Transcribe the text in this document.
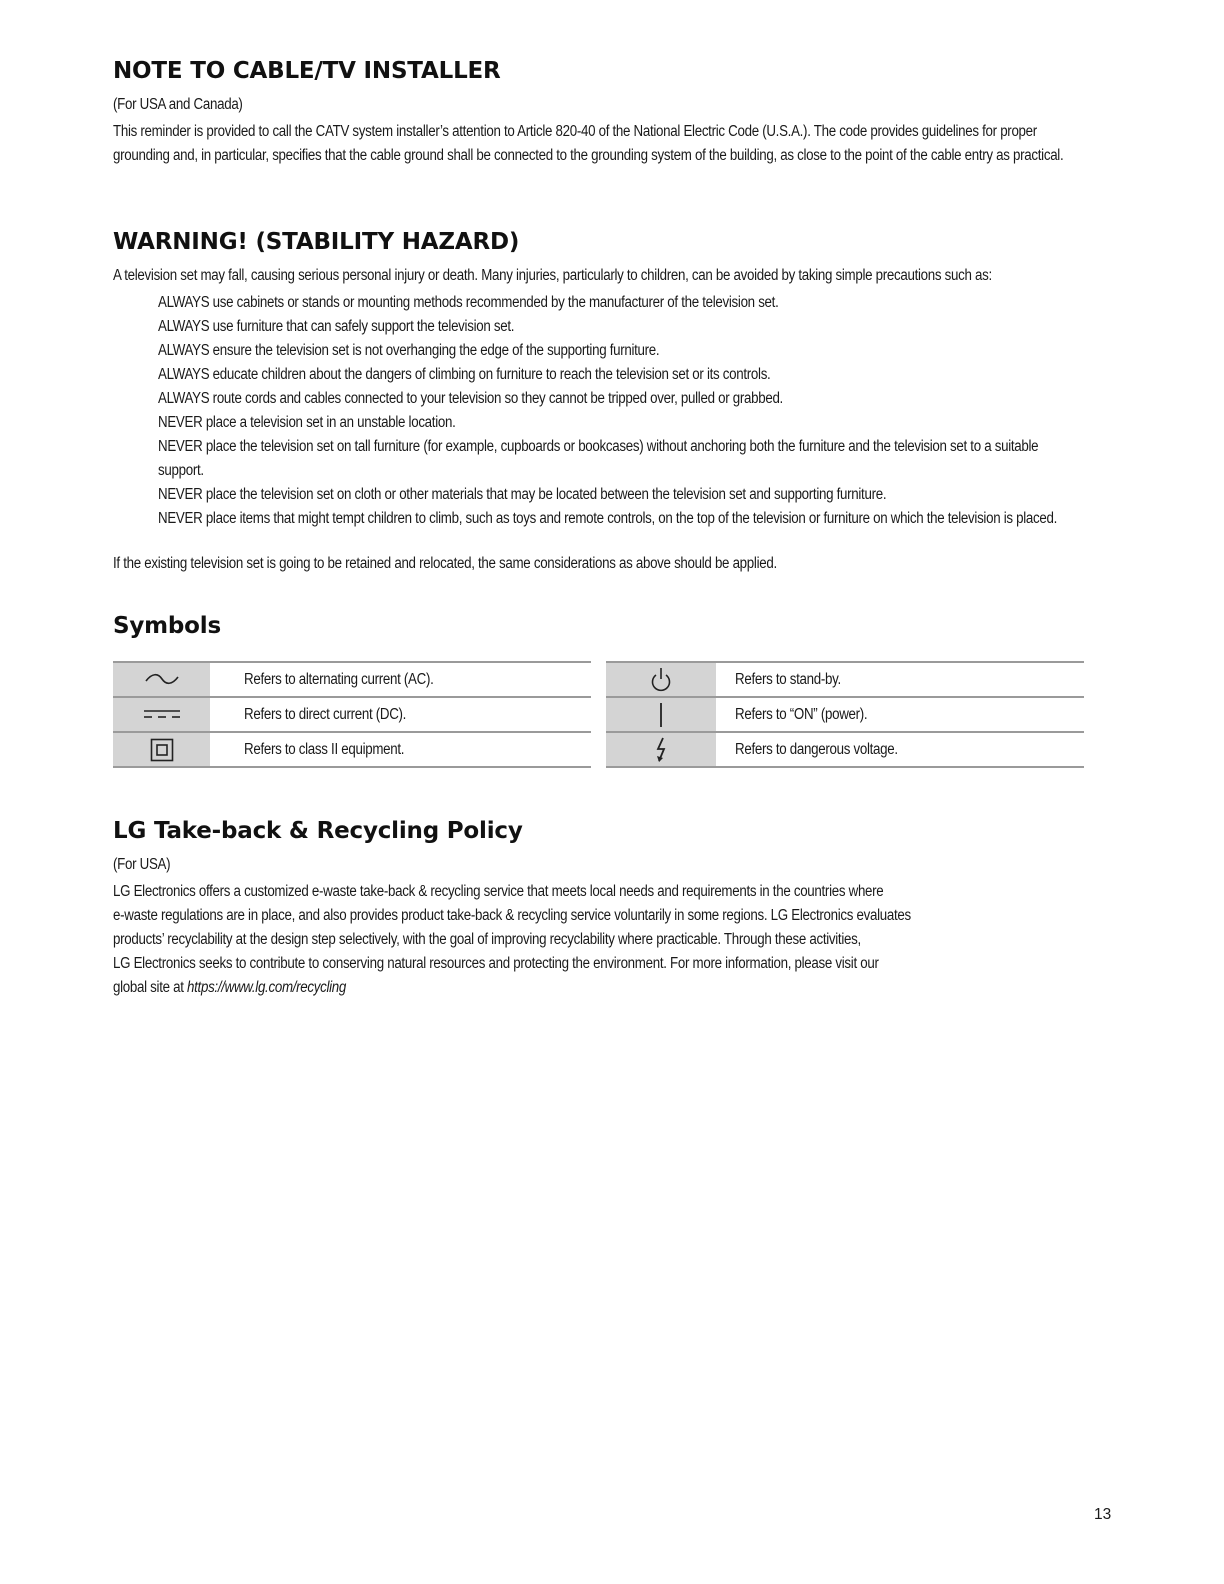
NOTE TO CABLE/TV INSTALLER
(For USA and Canada)
This reminder is provided to call the CATV system installer’s attention to Article 820-40 of the National Electric Code (U.S.A.). The code provides guidelines for proper grounding and, in particular, specifies that the cable ground shall be connected to the grounding system of the building, as close to the point of the cable entry as practical.
WARNING! (STABILITY HAZARD)
A television set may fall, causing serious personal injury or death. Many injuries, particularly to children, can be avoided by taking simple precautions such as:
ALWAYS use cabinets or stands or mounting methods recommended by the manufacturer of the television set.
ALWAYS use furniture that can safely support the television set.
ALWAYS ensure the television set is not overhanging the edge of the supporting furniture.
ALWAYS educate children about the dangers of climbing on furniture to reach the television set or its controls.
ALWAYS route cords and cables connected to your television so they cannot be tripped over, pulled or grabbed.
NEVER place a television set in an unstable location.
NEVER place the television set on tall furniture (for example, cupboards or bookcases) without anchoring both the furniture and the television set to a suitable support.
NEVER place the television set on cloth or other materials that may be located between the television set and supporting furniture.
NEVER place items that might tempt children to climb, such as toys and remote controls, on the top of the television or furniture on which the television is placed.
If the existing television set is going to be retained and relocated, the same considerations as above should be applied.
Symbols

Refers to alternating current (AC).

Refers to direct current (DC).

Refers to class II equipment.

Refers to stand-by.

Refers to “ON” (power).

Refers to dangerous voltage.
LG Take-back & Recycling Policy
(For USA)
LG Electronics offers a customized e-waste take-back & recycling service that meets local needs and requirements in the countries where
e-waste regulations are in place, and also provides product take-back & recycling service voluntarily in some regions. LG Electronics evaluates
products’ recyclability at the design step selectively, with the goal of improving recyclability where practicable. Through these activities,
LG Electronics seeks to contribute to conserving natural resources and protecting the environment. For more information, please visit our
global site at https://www.lg.com/recycling
13
